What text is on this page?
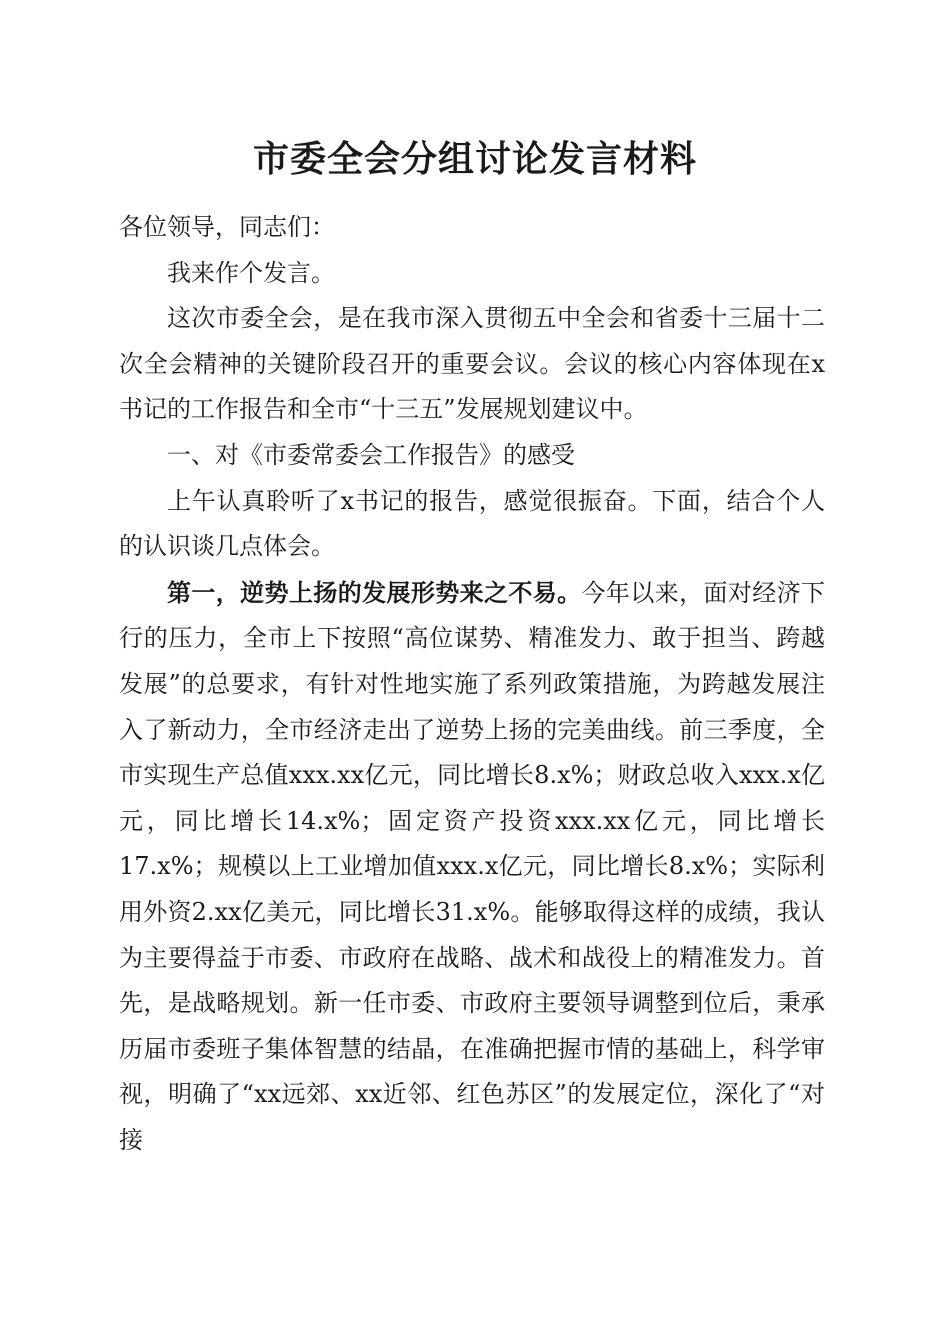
市委全会分组讨论发言材料

各位领导，同志们：

我来作个发言。

这次市委全会，是在我市深入贯彻五中全会和省委十三届十二次全会精神的关键阶段召开的重要会议。会议的核心内容体现在x书记的工作报告和全市“十三五”发展规划建议中。

一、对《市委常委会工作报告》的感受

上午认真聆听了x书记的报告，感觉很振奋。下面，结合个人的认识谈几点体会。

第一，逆势上扬的发展形势来之不易。今年以来，面对经济下行的压力，全市上下按照“高位谋势、精准发力、敢于担当、跨越发展”的总要求，有针对性地实施了系列政策措施，为跨越发展注入了新动力，全市经济走出了逆势上扬的完美曲线。前三季度，全市实现生产总值xxx.xx亿元，同比增长8.x%；财政总收入xxx.x亿元，同比增长14.x%；固定资产投资xxx.xx亿元，同比增长17.x%；规模以上工业增加值xxx.x亿元，同比增长8.x%；实际利用外资2.xx亿美元，同比增长31.x%。能够取得这样的成绩，我认为主要得益于市委、市政府在战略、战术和战役上的精准发力。首先，是战略规划。新一任市委、市政府主要领导调整到位后，秉承历届市委班子集体智慧的结晶，在准确把握市情的基础上，科学审视，明确了“xx远郊、xx近邻、红色苏区”的发展定位，深化了“对接
